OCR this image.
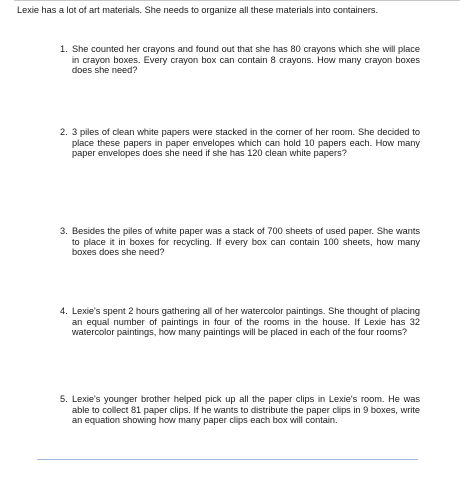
Lexie has a lot of art materials. She needs to organize all these materials into containers.
1. She counted her crayons and found out that she has 80 crayons which she will place in crayon boxes. Every crayon box can contain 8 crayons. How many crayon boxes does she need?
2. 3 piles of clean white papers were stacked in the corner of her room. She decided to place these papers in paper envelopes which can hold 10 papers each. How many paper envelopes does she need if she has 120 clean white papers?
3. Besides the piles of white paper was a stack of 700 sheets of used paper. She wants to place it in boxes for recycling. If every box can contain 100 sheets, how many boxes does she need?
4. Lexie's spent 2 hours gathering all of her watercolor paintings. She thought of placing an equal number of paintings in four of the rooms in the house. If Lexie has 32 watercolor paintings, how many paintings will be placed in each of the four rooms?
5. Lexie's younger brother helped pick up all the paper clips in Lexie's room. He was able to collect 81 paper clips. If he wants to distribute the paper clips in 9 boxes, write an equation showing how many paper clips each box will contain.
